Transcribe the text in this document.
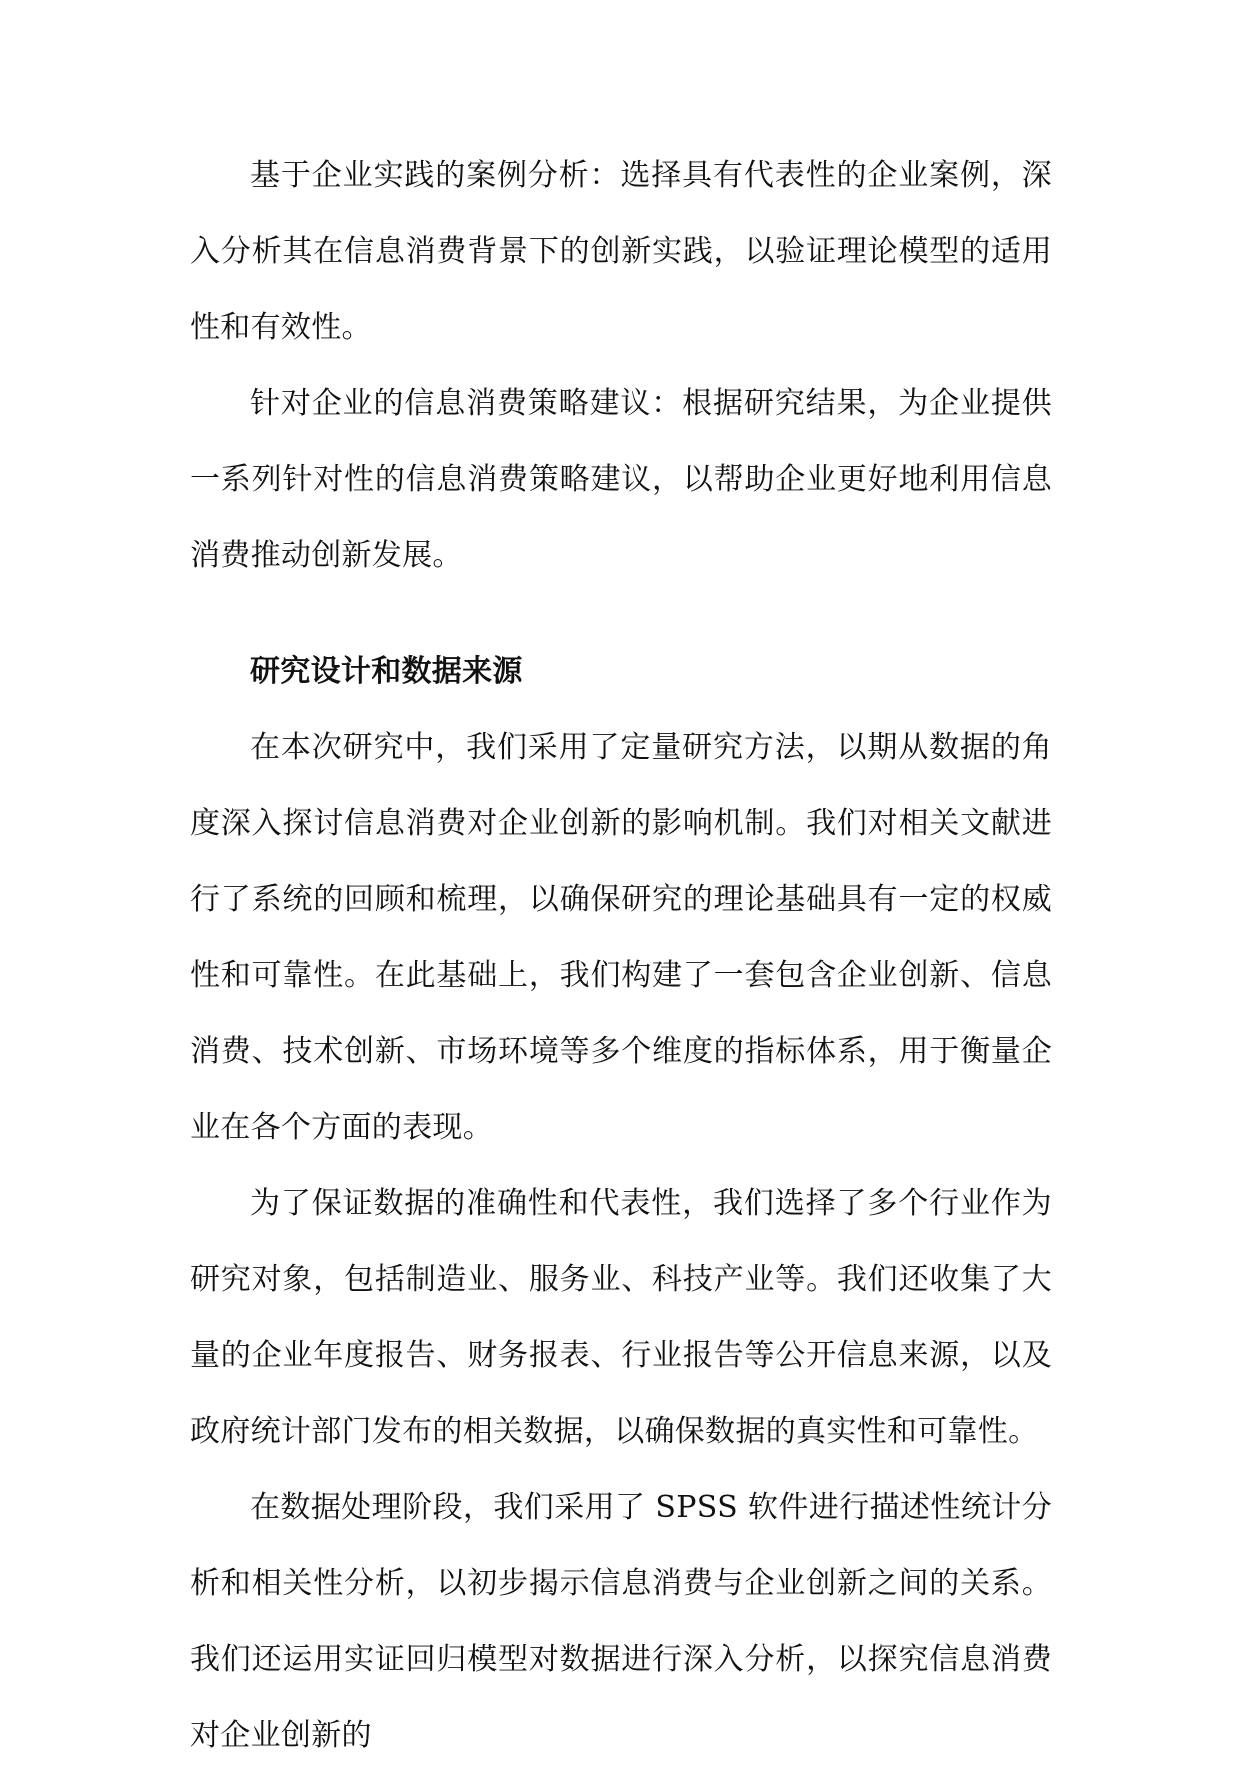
基于企业实践的案例分析：选择具有代表性的企业案例，深入分析其在信息消费背景下的创新实践，以验证理论模型的适用性和有效性。

针对企业的信息消费策略建议：根据研究结果，为企业提供一系列针对性的信息消费策略建议，以帮助企业更好地利用信息消费推动创新发展。

研究设计和数据来源

在本次研究中，我们采用了定量研究方法，以期从数据的角度深入探讨信息消费对企业创新的影响机制。我们对相关文献进行了系统的回顾和梳理，以确保研究的理论基础具有一定的权威性和可靠性。在此基础上，我们构建了一套包含企业创新、信息消费、技术创新、市场环境等多个维度的指标体系，用于衡量企业在各个方面的表现。

为了保证数据的准确性和代表性，我们选择了多个行业作为研究对象，包括制造业、服务业、科技产业等。我们还收集了大量的企业年度报告、财务报表、行业报告等公开信息来源，以及政府统计部门发布的相关数据，以确保数据的真实性和可靠性。

在数据处理阶段，我们采用了 SPSS 软件进行描述性统计分析和相关性分析，以初步揭示信息消费与企业创新之间的关系。我们还运用实证回归模型对数据进行深入分析，以探究信息消费对企业创新的
